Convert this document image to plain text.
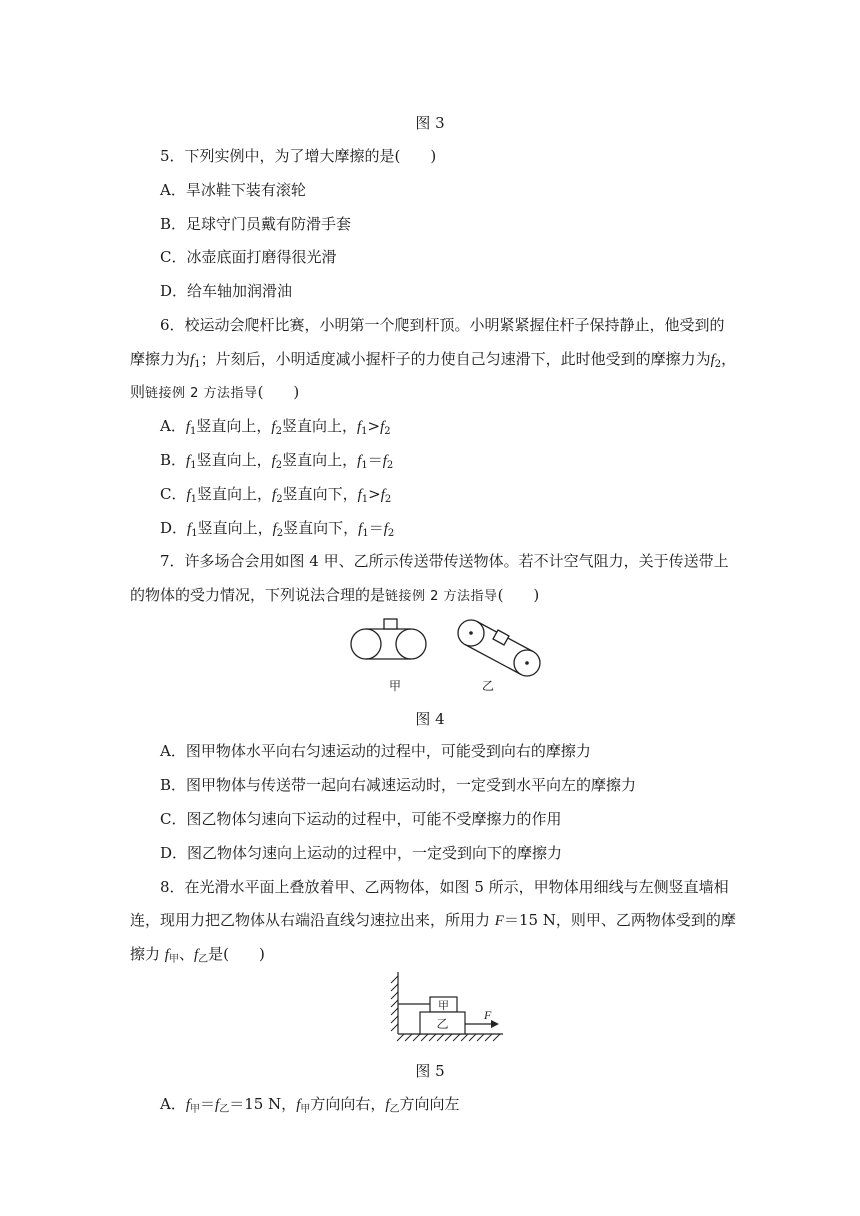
图 3
5．下列实例中，为了增大摩擦的是(　　)
A．旱冰鞋下装有滚轮
B．足球守门员戴有防滑手套
C．冰壶底面打磨得很光滑
D．给车轴加润滑油
6．校运动会爬杆比赛，小明第一个爬到杆顶。小明紧紧握住杆子保持静止，他受到的
摩擦力为$f_1$；片刻后，小明适度减小握杆子的力使自己匀速滑下，此时他受到的摩擦力为$f_2$，
则链接例 2 方法指导(　　)
A．$f_1$竖直向上，$f_2$竖直向上，$f_1>f_2$
B．$f_1$竖直向上，$f_2$竖直向上，$f_1=f_2$
C．$f_1$竖直向上，$f_2$竖直向下，$f_1>f_2$
D．$f_1$竖直向上，$f_2$竖直向下，$f_1=f_2$
7．许多场合会用如图 4 甲、乙所示传送带传送物体。若不计空气阻力，关于传送带上
的物体的受力情况，下列说法合理的是链接例 2 方法指导(　　)
甲	乙
图 4
A．图甲物体水平向右匀速运动的过程中，可能受到向右的摩擦力
B．图甲物体与传送带一起向右减速运动时，一定受到水平向左的摩擦力
C．图乙物体匀速向下运动的过程中，可能不受摩擦力的作用
D．图乙物体匀速向上运动的过程中，一定受到向下的摩擦力
8．在光滑水平面上叠放着甲、乙两物体，如图 5 所示，甲物体用细线与左侧竖直墙相
连，现用力把乙物体从右端沿直线匀速拉出来，所用力 F＝15 N，则甲、乙两物体受到的摩
擦力 $f_甲$、$f_乙$是(　　)
甲
乙
F
图 5
A．$f_甲=f_乙=15$ N，$f_甲$方向向右，$f_乙$方向向左
